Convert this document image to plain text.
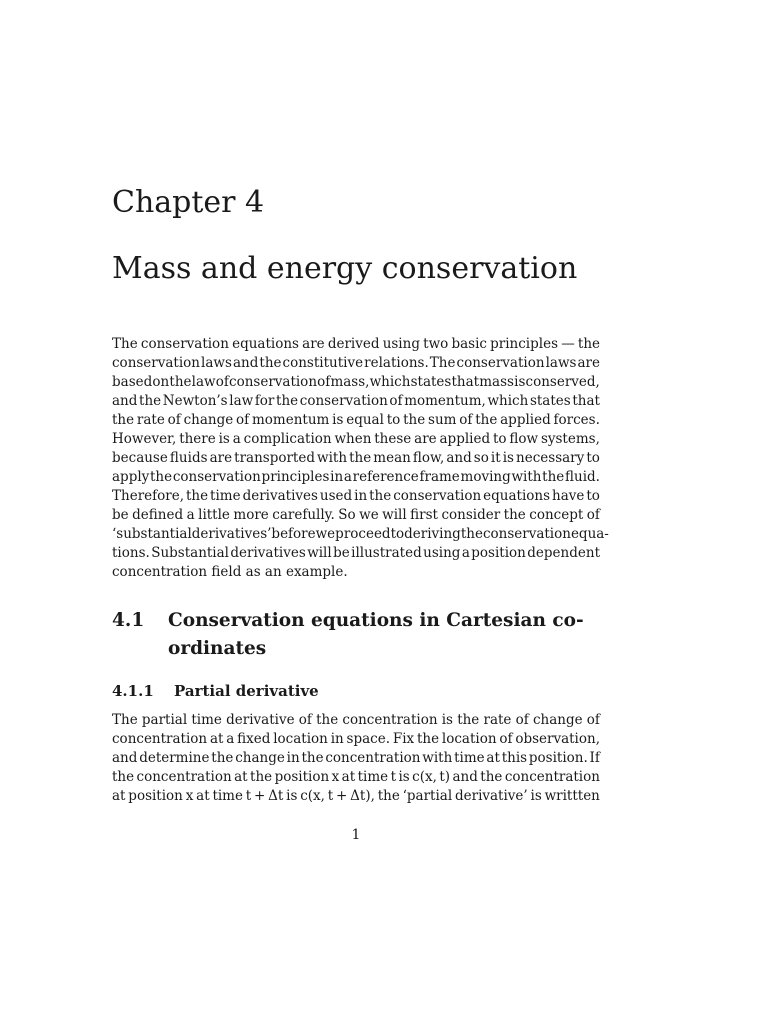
Chapter 4
Mass and energy conservation
The conservation equations are derived using two basic principles — the
conservation laws and the constitutive relations. The conservation laws are
based on the law of conservation of mass, which states that mass is conserved,
and the Newton’s law for the conservation of momentum, which states that
the rate of change of momentum is equal to the sum of the applied forces.
However, there is a complication when these are applied to flow systems,
because fluids are transported with the mean flow, and so it is necessary to
apply the conservation principles in a reference frame moving with the fluid.
Therefore, the time derivatives used in the conservation equations have to
be defined a little more carefully. So we will first consider the concept of
‘substantial derivatives’ before we proceed to deriving the conservation equa-
tions. Substantial derivatives will be illustrated using a position dependent
concentration field as an example.
4.1 Conservation equations in Cartesian co-
ordinates
4.1.1 Partial derivative
The partial time derivative of the concentration is the rate of change of
concentration at a fixed location in space. Fix the location of observation,
and determine the change in the concentration with time at this position. If
the concentration at the position x at time t is c(x, t) and the concentration
at position x at time t + Δt is c(x, t + Δt), the ‘partial derivative’ is writtten
1
